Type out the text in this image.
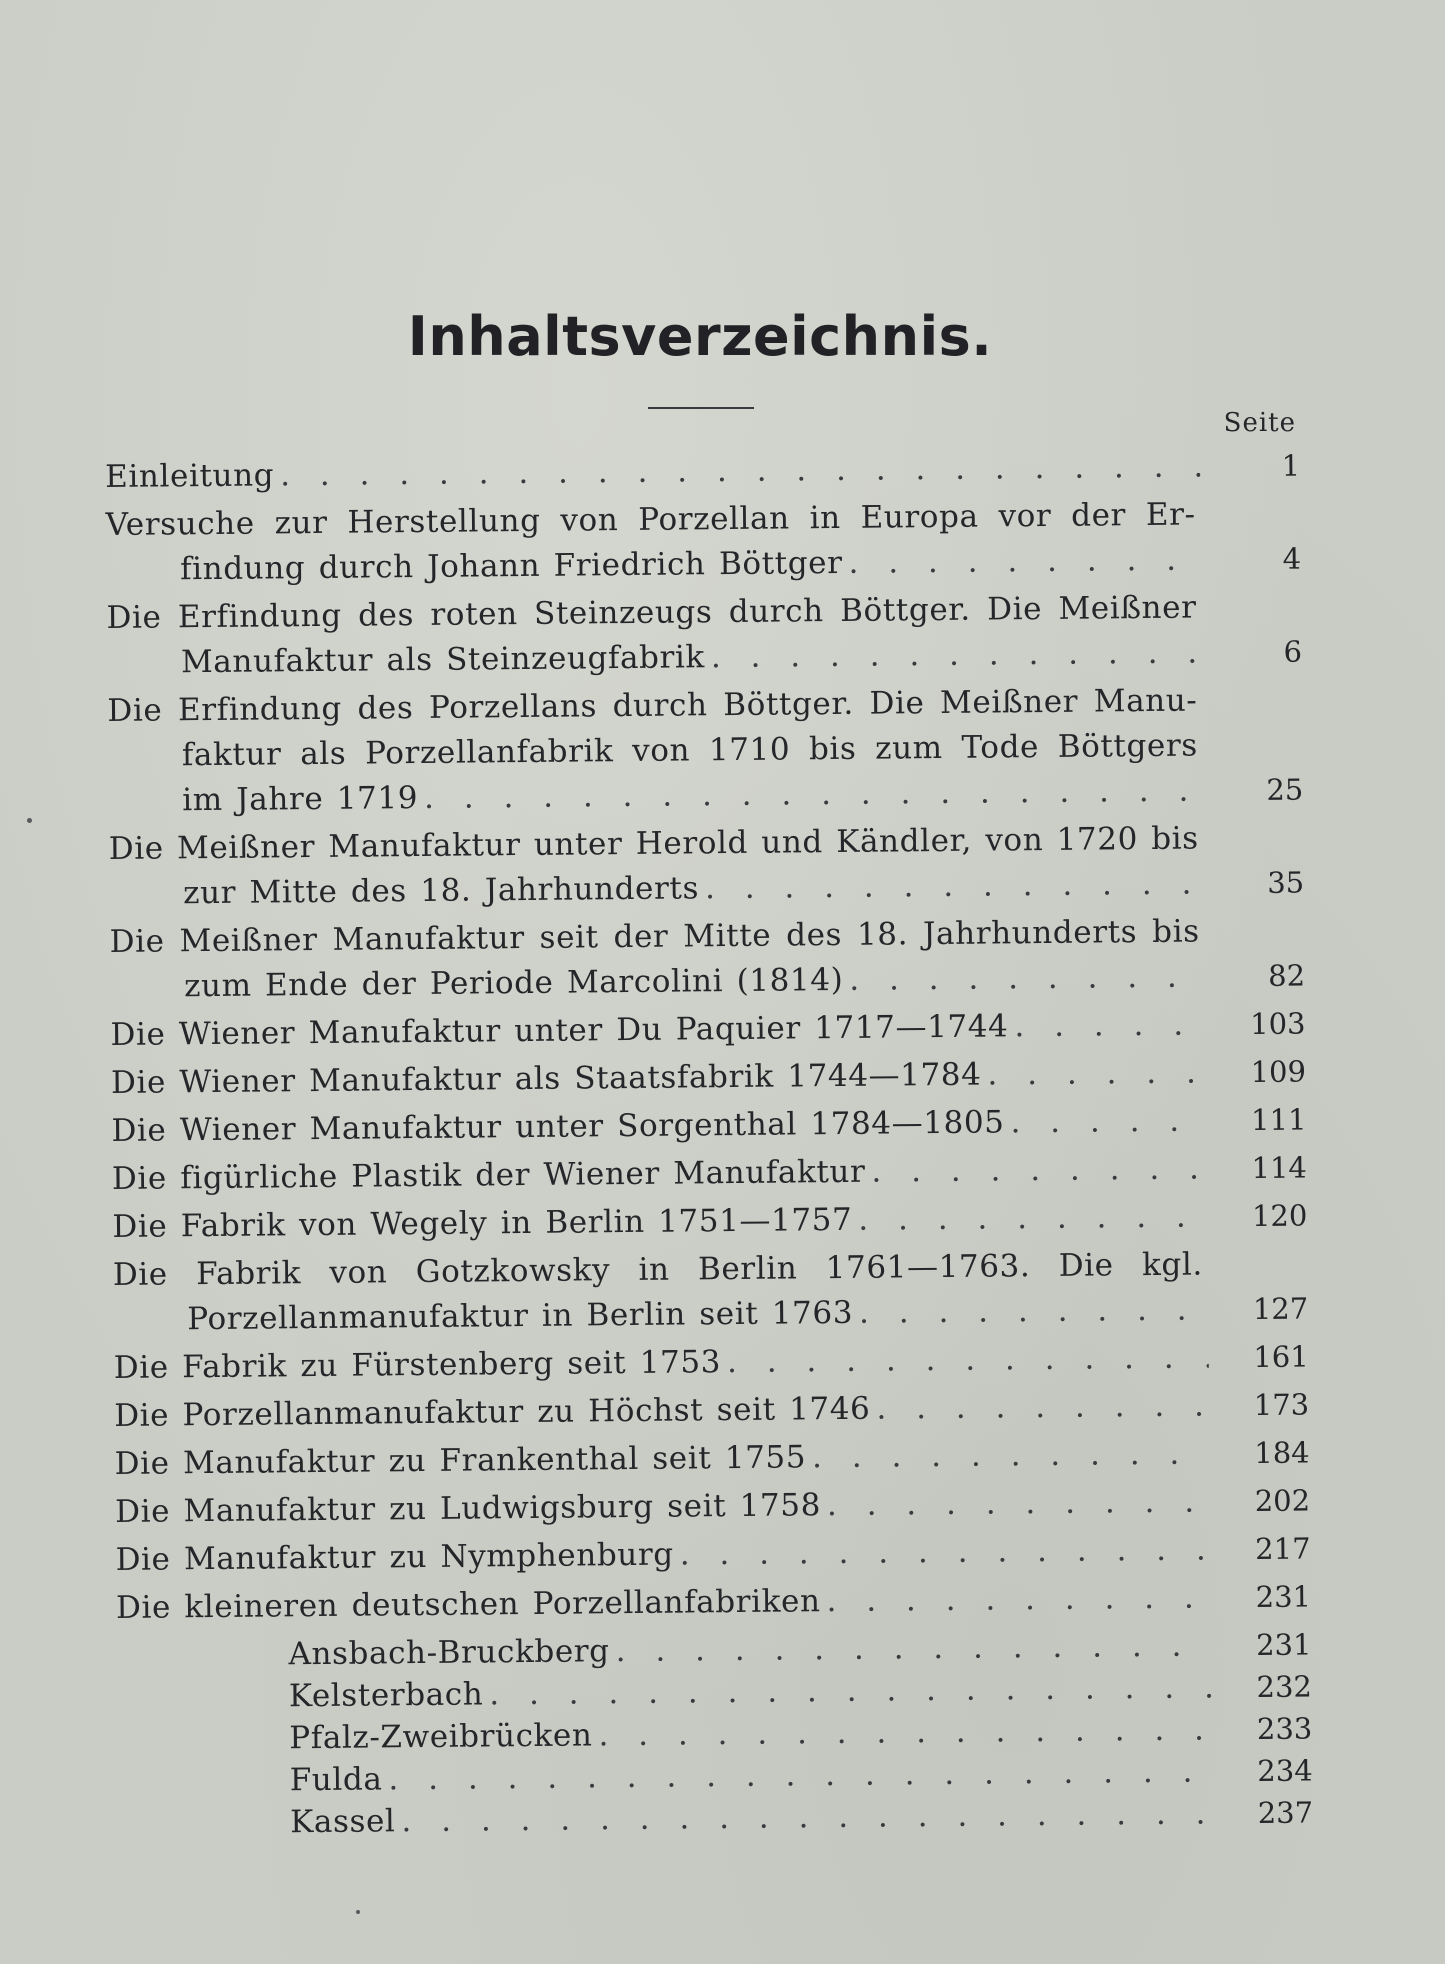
Inhaltsverzeichnis.
Seite
Einleitung . . .	1
Versuche zur Herstellung von Porzellan in Europa vor der Er-
findung durch Johann Friedrich Böttger . . .	4
Die Erfindung des roten Steinzeugs durch Böttger. Die Meißner
Manufaktur als Steinzeugfabrik . . .	6
Die Erfindung des Porzellans durch Böttger. Die Meißner Manu-
faktur als Porzellanfabrik von 1710 bis zum Tode Böttgers
im Jahre 1719 . . .	25
Die Meißner Manufaktur unter Herold und Kändler, von 1720 bis
zur Mitte des 18. Jahrhunderts . . .	35
Die Meißner Manufaktur seit der Mitte des 18. Jahrhunderts bis
zum Ende der Periode Marcolini (1814) . . .	82
Die Wiener Manufaktur unter Du Paquier 1717—1744 . . .	103
Die Wiener Manufaktur als Staatsfabrik 1744—1784 . . .	109
Die Wiener Manufaktur unter Sorgenthal 1784—1805 . . .	111
Die figürliche Plastik der Wiener Manufaktur . . .	114
Die Fabrik von Wegely in Berlin 1751—1757 . . .	120
Die Fabrik von Gotzkowsky in Berlin 1761—1763. Die kgl.
Porzellanmanufaktur in Berlin seit 1763 . . .	127
Die Fabrik zu Fürstenberg seit 1753 . . .	161
Die Porzellanmanufaktur zu Höchst seit 1746 . . .	173
Die Manufaktur zu Frankenthal seit 1755 . . .	184
Die Manufaktur zu Ludwigsburg seit 1758 . . .	202
Die Manufaktur zu Nymphenburg . . .	217
Die kleineren deutschen Porzellanfabriken . . .	231
Ansbach-Bruckberg . . .	231
Kelsterbach . . .	232
Pfalz-Zweibrücken . . .	233
Fulda . . .	234
Kassel . . .	237
